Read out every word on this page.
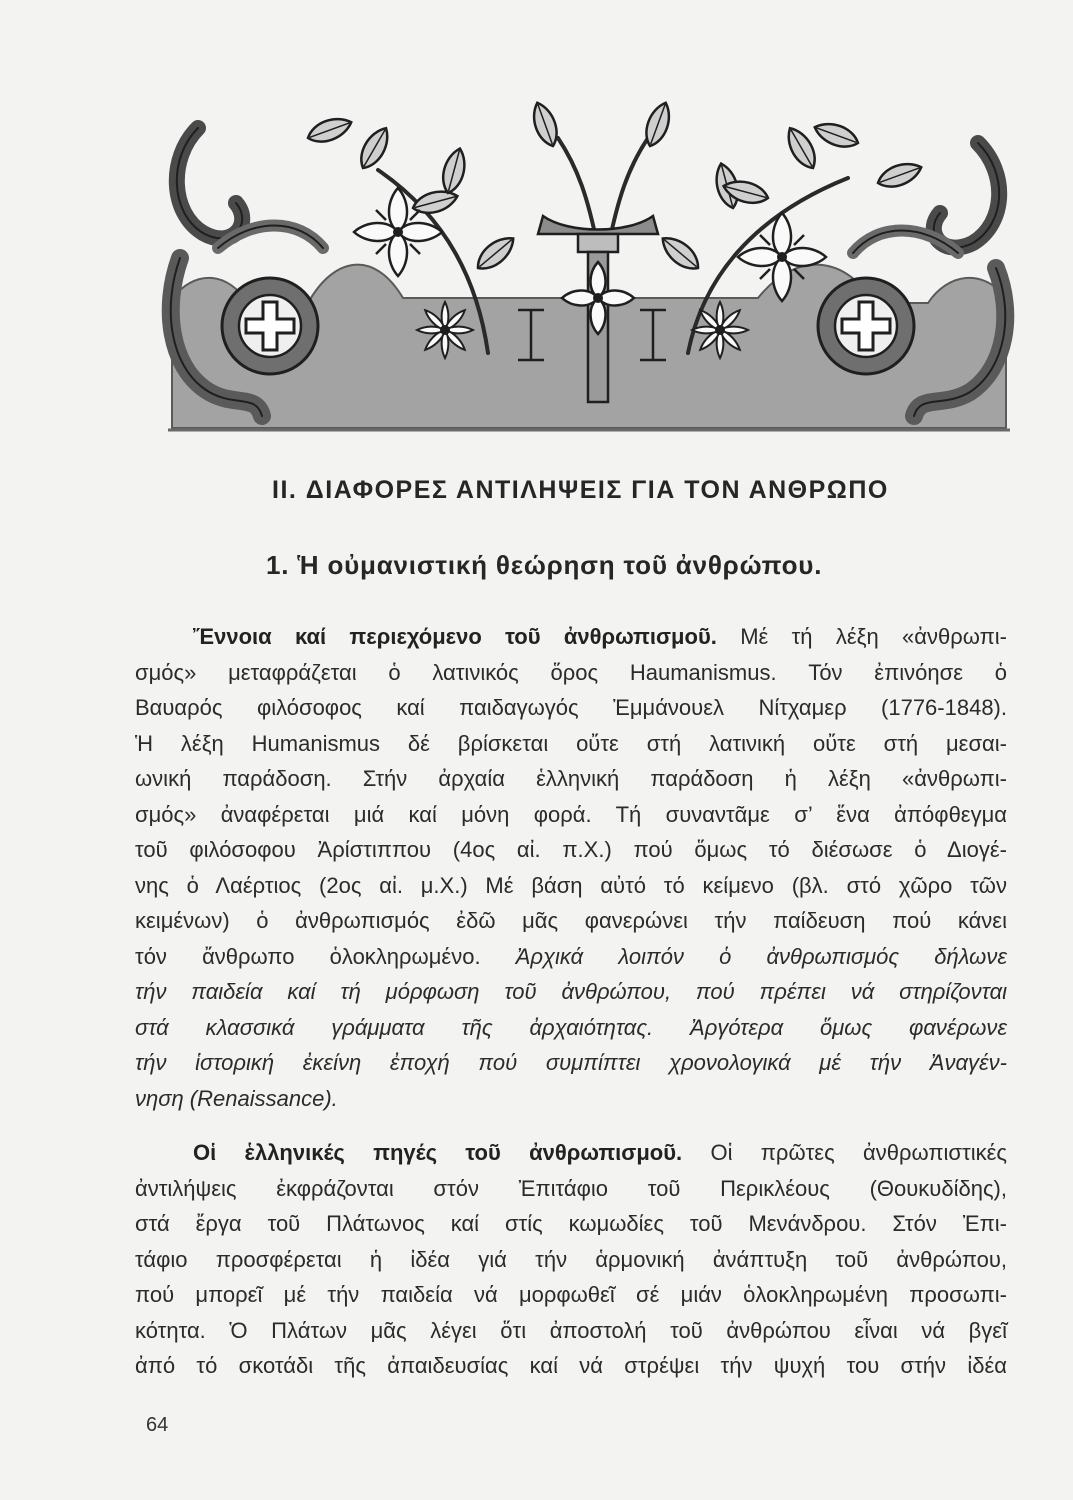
II. ΔΙΑΦΟΡΕΣ ΑΝΤΙΛΗΨΕΙΣ ΓΙΑ ΤΟΝ ΑΝΘΡΩΠΟ
1. Ἡ οὐμανιστική θεώρηση τοῦ ἀνθρώπου.
Ἔννοια καί περιεχόμενο τοῦ ἀνθρωπισμοῦ. Μέ τή λέξη «ἀνθρωπι-
σμός» μεταφράζεται ὁ λατινικός ὅρος Haumanismus. Τόν ἐπινόησε ὁ
Βαυαρός φιλόσοφος καί παιδαγωγός Ἐμμάνουελ Νίτχαμερ (1776-1848).
Ἡ λέξη Humanismus δέ βρίσκεται οὔτε στή λατινική οὔτε στή μεσαι-
ωνική παράδοση. Στήν ἀρχαία ἑλληνική παράδοση ἡ λέξη «ἀνθρωπι-
σμός» ἀναφέρεται μιά καί μόνη φορά. Τή συναντᾶμε σ’ ἕνα ἀπόφθεγμα
τοῦ φιλόσοφου Ἀρίστιππου (4ος αἰ. π.Χ.) πού ὅμως τό διέσωσε ὁ Διογέ-
νης ὁ Λαέρτιος (2ος αἰ. μ.Χ.) Μέ βάση αὐτό τό κείμενο (βλ. στό χῶρο τῶν
κειμένων) ὁ ἀνθρωπισμός ἐδῶ μᾶς φανερώνει τήν παίδευση πού κάνει
τόν ἄνθρωπο ὁλοκληρωμένο. Ἀρχικά λοιπόν ὁ ἀνθρωπισμός δήλωνε
τήν παιδεία καί τή μόρφωση τοῦ ἀνθρώπου, πού πρέπει νά στηρίζονται
στά κλασσικά γράμματα τῆς ἀρχαιότητας. Ἀργότερα ὅμως φανέρωνε
τήν ἱστορική ἐκείνη ἐποχή πού συμπίπτει χρονολογικά μέ τήν Ἀναγέν-
νηση (Renaissance).
Οἱ ἑλληνικές πηγές τοῦ ἀνθρωπισμοῦ. Οἱ πρῶτες ἀνθρωπιστικές
ἀντιλήψεις ἐκφράζονται στόν Ἐπιτάφιο τοῦ Περικλέους (Θουκυδίδης),
στά ἔργα τοῦ Πλάτωνος καί στίς κωμωδίες τοῦ Μενάνδρου. Στόν Ἐπι-
τάφιο προσφέρεται ἡ ἰδέα γιά τήν ἁρμονική ἀνάπτυξη τοῦ ἀνθρώπου,
πού μπορεῖ μέ τήν παιδεία νά μορφωθεῖ σέ μιάν ὁλοκληρωμένη προσωπι-
κότητα. Ὁ Πλάτων μᾶς λέγει ὅτι ἀποστολή τοῦ ἀνθρώπου εἶναι νά βγεῖ
ἀπό τό σκοτάδι τῆς ἀπαιδευσίας καί νά στρέψει τήν ψυχή του στήν ἰδέα
64
